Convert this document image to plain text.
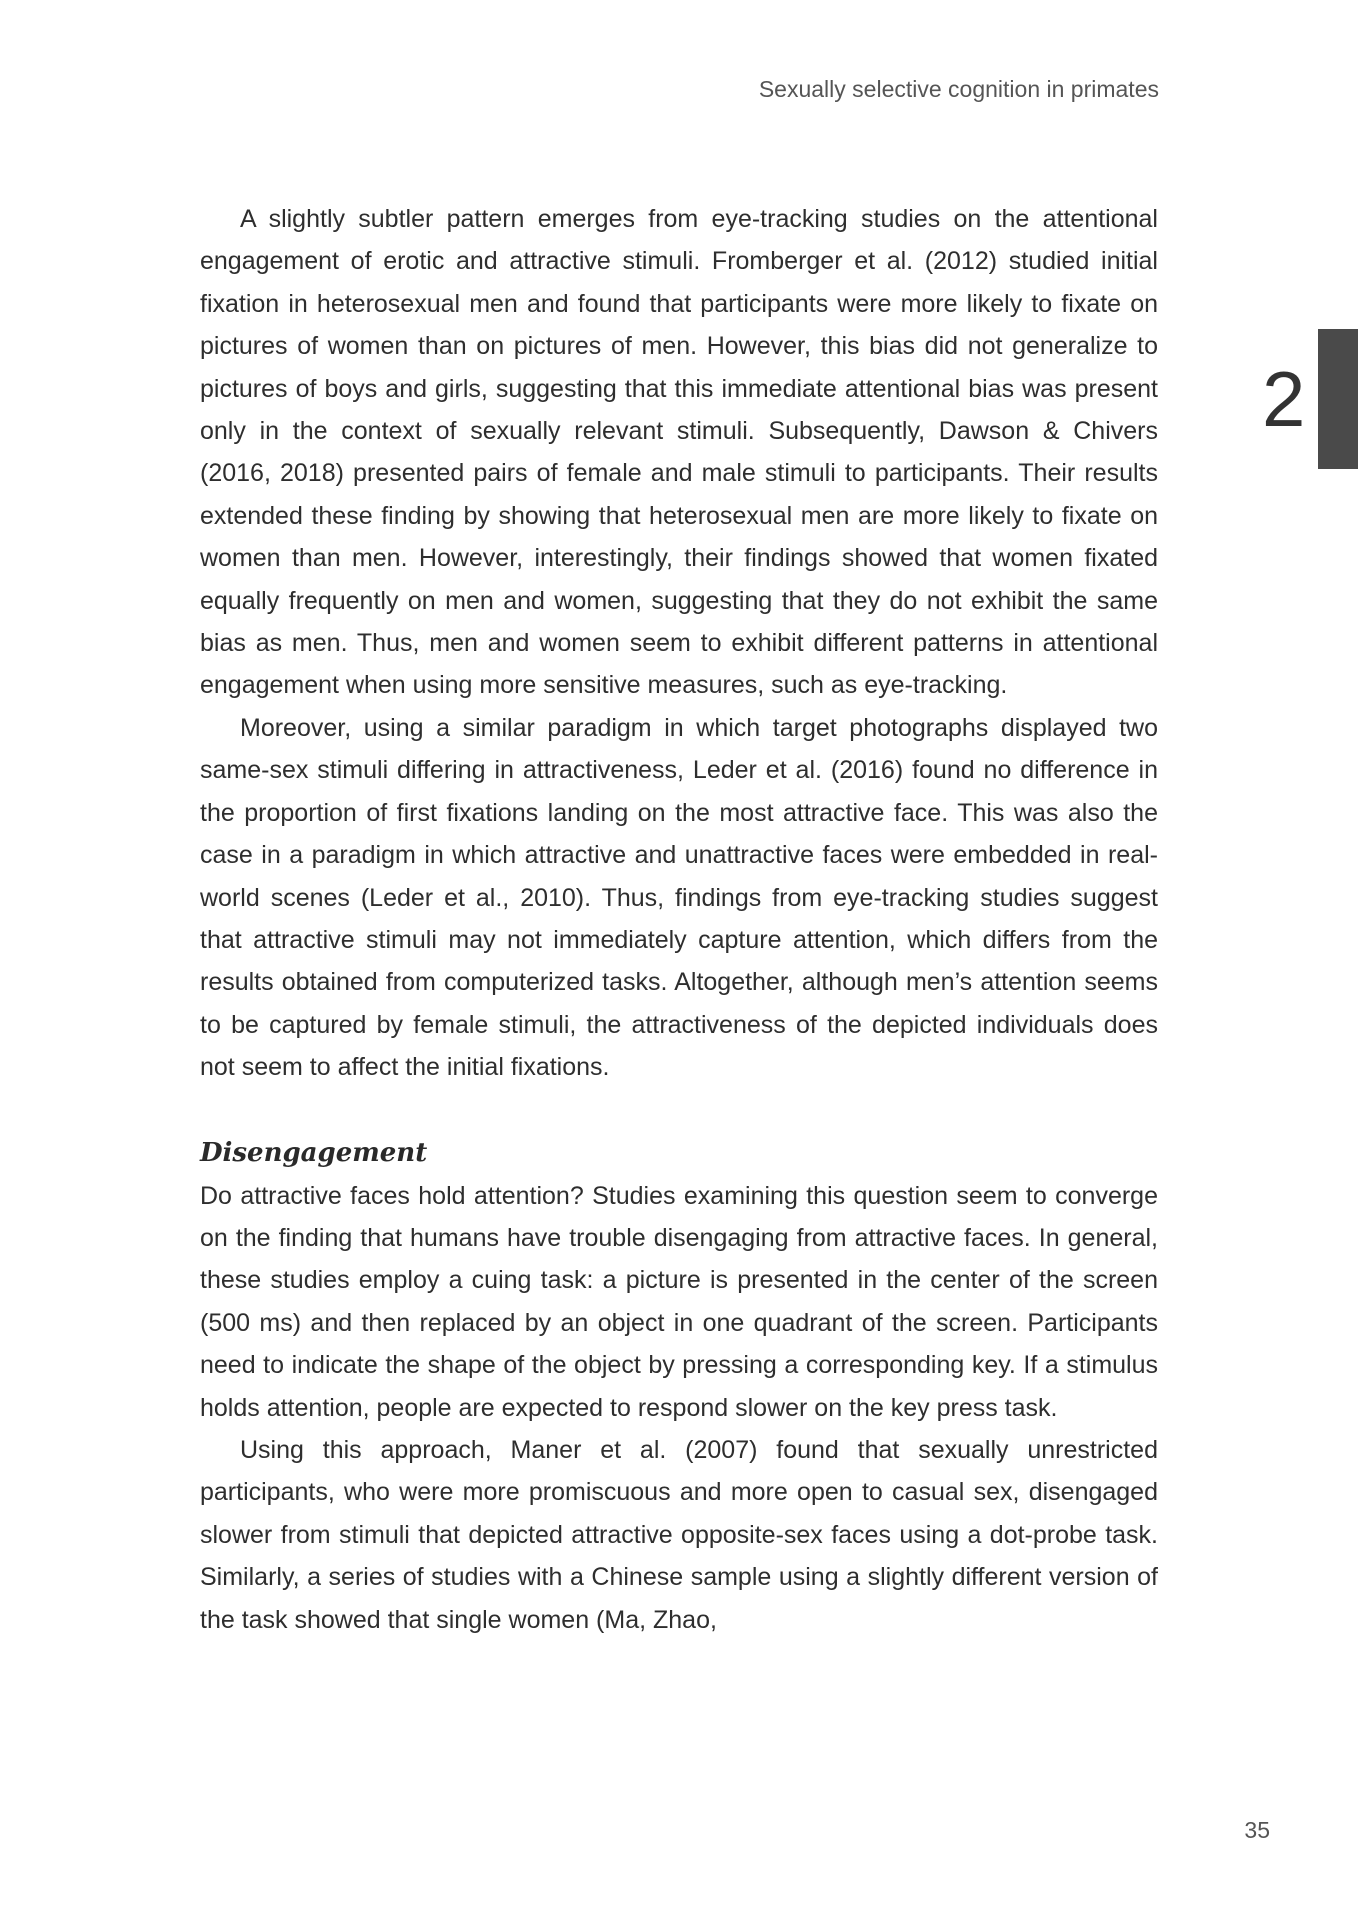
Sexually selective cognition in primates
2

A slightly subtler pattern emerges from eye-tracking studies on the attentional engagement of erotic and attractive stimuli. Fromberger et al. (2012) studied initial fixation in heterosexual men and found that participants were more likely to fixate on pictures of women than on pictures of men. However, this bias did not generalize to pictures of boys and girls, suggesting that this immediate attentional bias was present only in the context of sexually relevant stimuli. Subsequently, Dawson & Chivers (2016, 2018) presented pairs of female and male stimuli to participants. Their results extended these finding by showing that heterosexual men are more likely to fixate on women than men. However, interestingly, their findings showed that women fixated equally frequently on men and women, suggesting that they do not exhibit the same bias as men. Thus, men and women seem to exhibit different patterns in attentional engagement when using more sensitive measures, such as eye-tracking.

Moreover, using a similar paradigm in which target photographs displayed two same-sex stimuli differing in attractiveness, Leder et al. (2016) found no difference in the proportion of first fixations landing on the most attractive face. This was also the case in a paradigm in which attractive and unattractive faces were embedded in real-world scenes (Leder et al., 2010). Thus, findings from eye-tracking studies suggest that attractive stimuli may not immediately capture attention, which differs from the results obtained from computerized tasks. Altogether, although men’s attention seems to be captured by female stimuli, the attractiveness of the depicted individuals does not seem to affect the initial fixations.

Disengagement

Do attractive faces hold attention? Studies examining this question seem to converge on the finding that humans have trouble disengaging from attractive faces. In general, these studies employ a cuing task: a picture is presented in the center of the screen (500 ms) and then replaced by an object in one quadrant of the screen. Participants need to indicate the shape of the object by pressing a corresponding key. If a stimulus holds attention, people are expected to respond slower on the key press task.

Using this approach, Maner et al. (2007) found that sexually unrestricted participants, who were more promiscuous and more open to casual sex, disengaged slower from stimuli that depicted attractive opposite-sex faces using a dot-probe task. Similarly, a series of studies with a Chinese sample using a slightly different version of the task showed that single women (Ma, Zhao,

35
